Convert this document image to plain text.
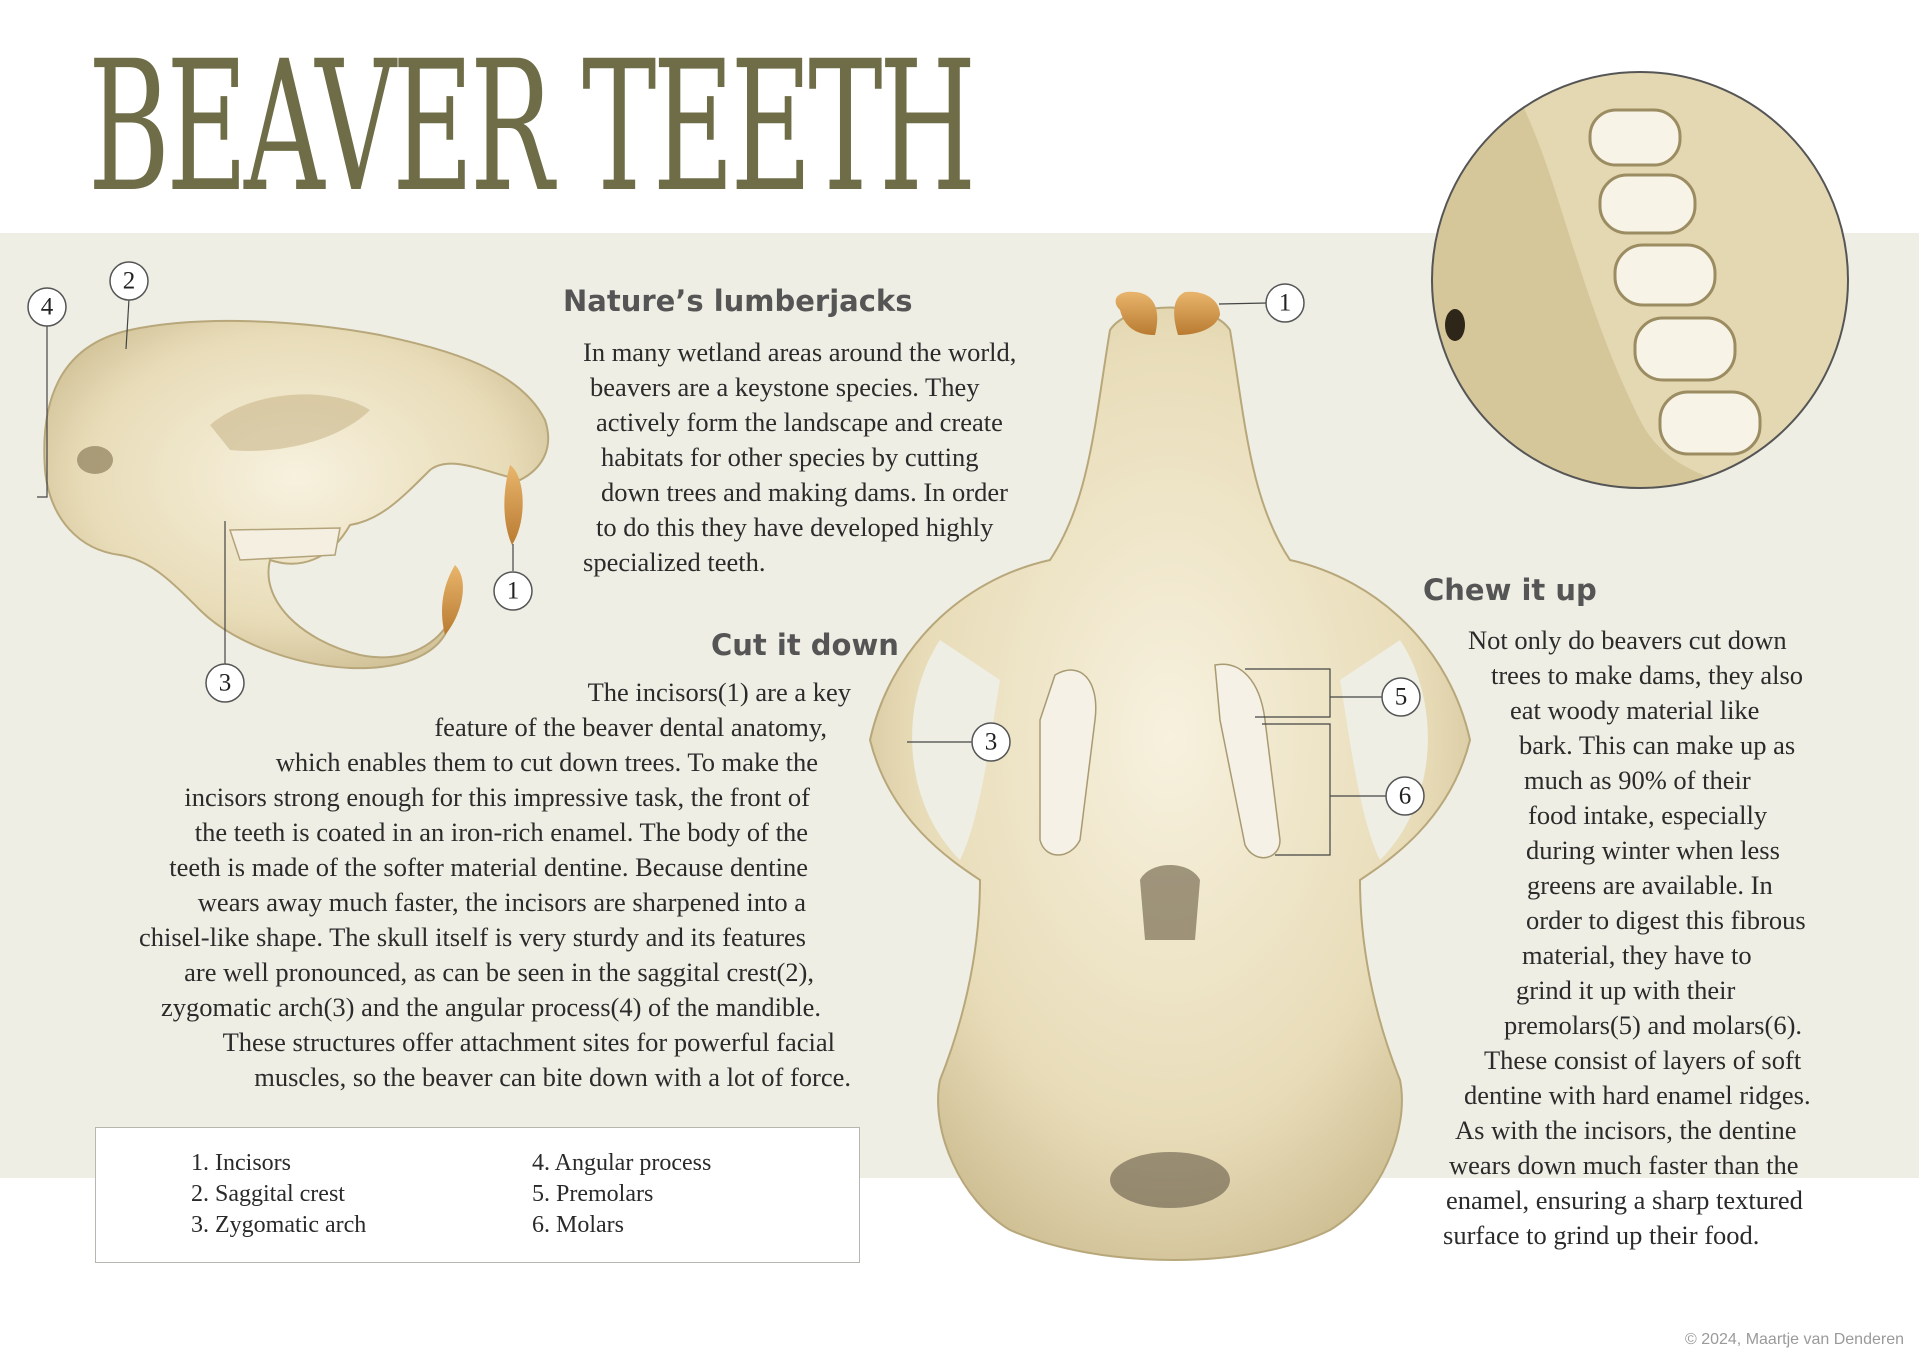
BEAVER TEETH
4
2
3
1
1
3
5
6
Nature’s lumberjacks
In many wetland areas around the world,
beavers are a keystone species. They
actively form the landscape and create
habitats for other species by cutting
down trees and making dams. In order
to do this they have developed highly
specialized teeth.
Cut it down
The incisors(1) are a key
feature of the beaver dental anatomy,
which enables them to cut down trees. To make the
incisors strong enough for this impressive task, the front of
the teeth is coated in an iron-rich enamel. The body of the
teeth is made of the softer material dentine. Because dentine
wears away much faster, the incisors are sharpened into a
chisel-like shape. The skull itself is very sturdy and its features
are well pronounced, as can be seen in the saggital crest(2),
zygomatic arch(3) and the angular process(4) of the mandible.
These structures offer attachment sites for powerful facial
muscles, so the beaver can bite down with a lot of force.
Chew it up
Not only do beavers cut down
trees to make dams, they also
eat woody material like
bark. This can make up as
much as 90% of their
food intake, especially
during winter when less
greens are available. In
order to digest this fibrous
material, they have to
grind it up with their
premolars(5) and molars(6).
These consist of layers of soft
dentine with hard enamel ridges.
As with the incisors, the dentine
wears down much faster than the
enamel, ensuring a sharp textured
surface to grind up their food.
1. Incisors
2. Saggital crest
3. Zygomatic arch
4. Angular process
5. Premolars
6. Molars
© 2024, Maartje van Denderen
